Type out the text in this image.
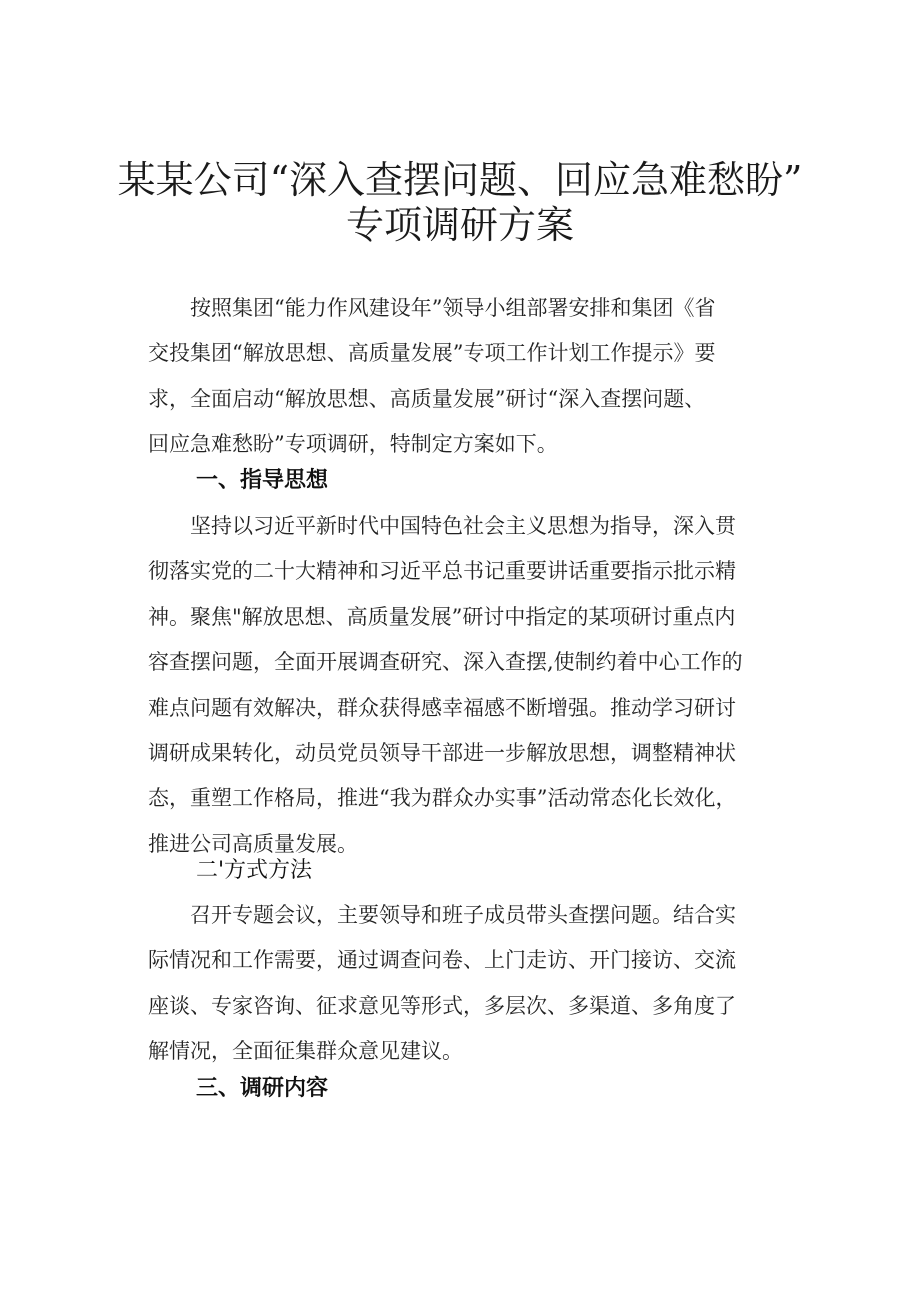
某某公司“深入查摆问题、回应急难愁盼”
专项调研方案
　　按照集团“能力作风建设年”领导小组部署安排和集团《省
交投集团“解放思想、高质量发展”专项工作计划工作提示》要
求，全面启动“解放思想、高质量发展”研讨“深入查摆问题、
回应急难愁盼”专项调研，特制定方案如下。
一、指导思想
　　坚持以习近平新时代中国特色社会主义思想为指导，深入贯
彻落实党的二十大精神和习近平总书记重要讲话重要指示批示精
神。聚焦"解放思想、高质量发展”研讨中指定的某项研讨重点内
容查摆问题，全面开展调查研究、深入查摆,使制约着中心工作的
难点问题有效解决，群众获得感幸福感不断增强。推动学习研讨
调研成果转化，动员党员领导干部进一步解放思想，调整精神状
态，重塑工作格局，推进“我为群众办实事”活动常态化长效化，
推进公司高质量发展。
二'方式方法
　　召开专题会议，主要领导和班子成员带头查摆问题。结合实
际情况和工作需要，通过调查问卷、上门走访、开门接访、交流
座谈、专家咨询、征求意见等形式，多层次、多渠道、多角度了
解情况，全面征集群众意见建议。
三、调研内容
